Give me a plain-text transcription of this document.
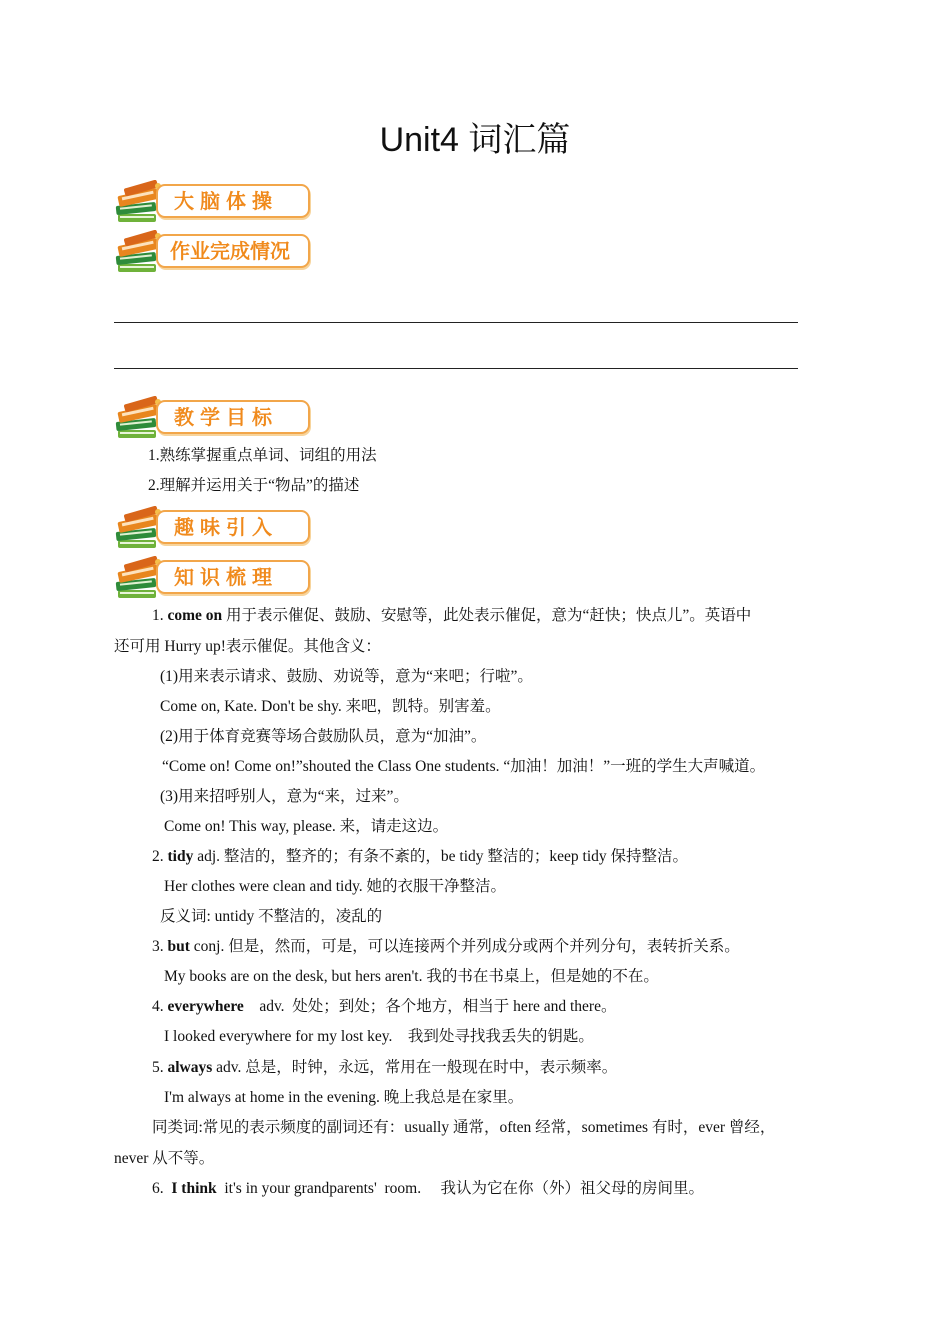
Unit4 词汇篇
大脑体操
作业完成情况
教学目标
1.熟练掌握重点单词、词组的用法
2.理解并运用关于“物品”的描述
趣味引入
知识梳理
1. come on 用于表示催促、鼓励、安慰等，此处表示催促，意为“赶快；快点儿”。英语中
还可用 Hurry up!表示催促。其他含义：
(1)用来表示请求、鼓励、劝说等，意为“来吧；行啦”。
Come on, Kate. Don't be shy. 来吧，凯特。别害羞。
(2)用于体育竞赛等场合鼓励队员，意为“加油”。
“Come on! Come on!”shouted the Class One students. “加油！加油！”一班的学生大声喊道。
(3)用来招呼别人，意为“来，过来”。
Come on! This way, please. 来，请走这边。
2. tidy adj. 整洁的，整齐的；有条不紊的，be tidy 整洁的；keep tidy 保持整洁。
Her clothes were clean and tidy. 她的衣服干净整洁。
反义词: untidy 不整洁的，凌乱的
3. but conj. 但是，然而，可是，可以连接两个并列成分或两个并列分句，表转折关系。
My books are on the desk, but hers aren't. 我的书在书桌上，但是她的不在。
4. everywhere    adv.  处处；到处；各个地方，相当于 here and there。
I looked everywhere for my lost key.    我到处寻找我丢失的钥匙。
5. always adv. 总是，时钟，永远，常用在一般现在时中，表示频率。
I'm always at home in the evening. 晚上我总是在家里。
同类词:常见的表示频度的副词还有：usually 通常，often 经常，sometimes 有时，ever 曾经，
never 从不等。
6.  I think  it's in your grandparents'  room.     我认为它在你（外）祖父母的房间里。
